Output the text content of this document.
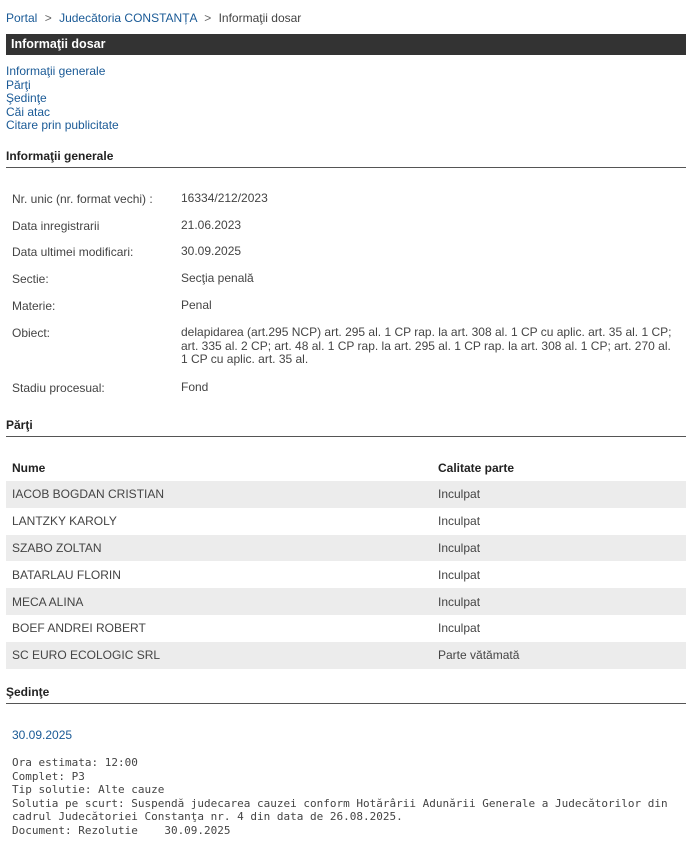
Portal > Judecătoria CONSTANȚA > Informaţii dosar
Informaţii dosar
Informaţii generale
Părţi
Şedinţe
Căi atac
Citare prin publicitate
Informaţii generale
Nr. unic (nr. format vechi) : 16334/212/2023
Data inregistrarii	21.06.2023
Data ultimei modificari:	30.09.2025
Sectie:	Secţia penală
Materie:	Penal
Obiect:	delapidarea (art.295 NCP) art. 295 al. 1 CP rap. la art. 308 al. 1 CP cu aplic. art. 35 al. 1 CP; art. 335 al. 2 CP; art. 48 al. 1 CP rap. la art. 295 al. 1 CP rap. la art. 308 al. 1 CP; art. 270 al. 1 CP cu aplic. art. 35 al.
Stadiu procesual:	Fond
Părţi
Nume	Calitate parte
IACOB BOGDAN CRISTIAN	Inculpat
LANTZKY KAROLY	Inculpat
SZABO ZOLTAN	Inculpat
BATARLAU FLORIN	Inculpat
MECA ALINA	Inculpat
BOEF ANDREI ROBERT	Inculpat
SC EURO ECOLOGIC SRL	Parte vătămată
Şedinţe
30.09.2025
Ora estimata: 12:00
Complet: P3
Tip solutie: Alte cauze
Solutia pe scurt: Suspendă judecarea cauzei conform Hotărârii Adunării Generale a Judecătorilor din cadrul Judecătoriei Constanţa nr. 4 din data de 26.08.2025.
Document: Rezolutie    30.09.2025
